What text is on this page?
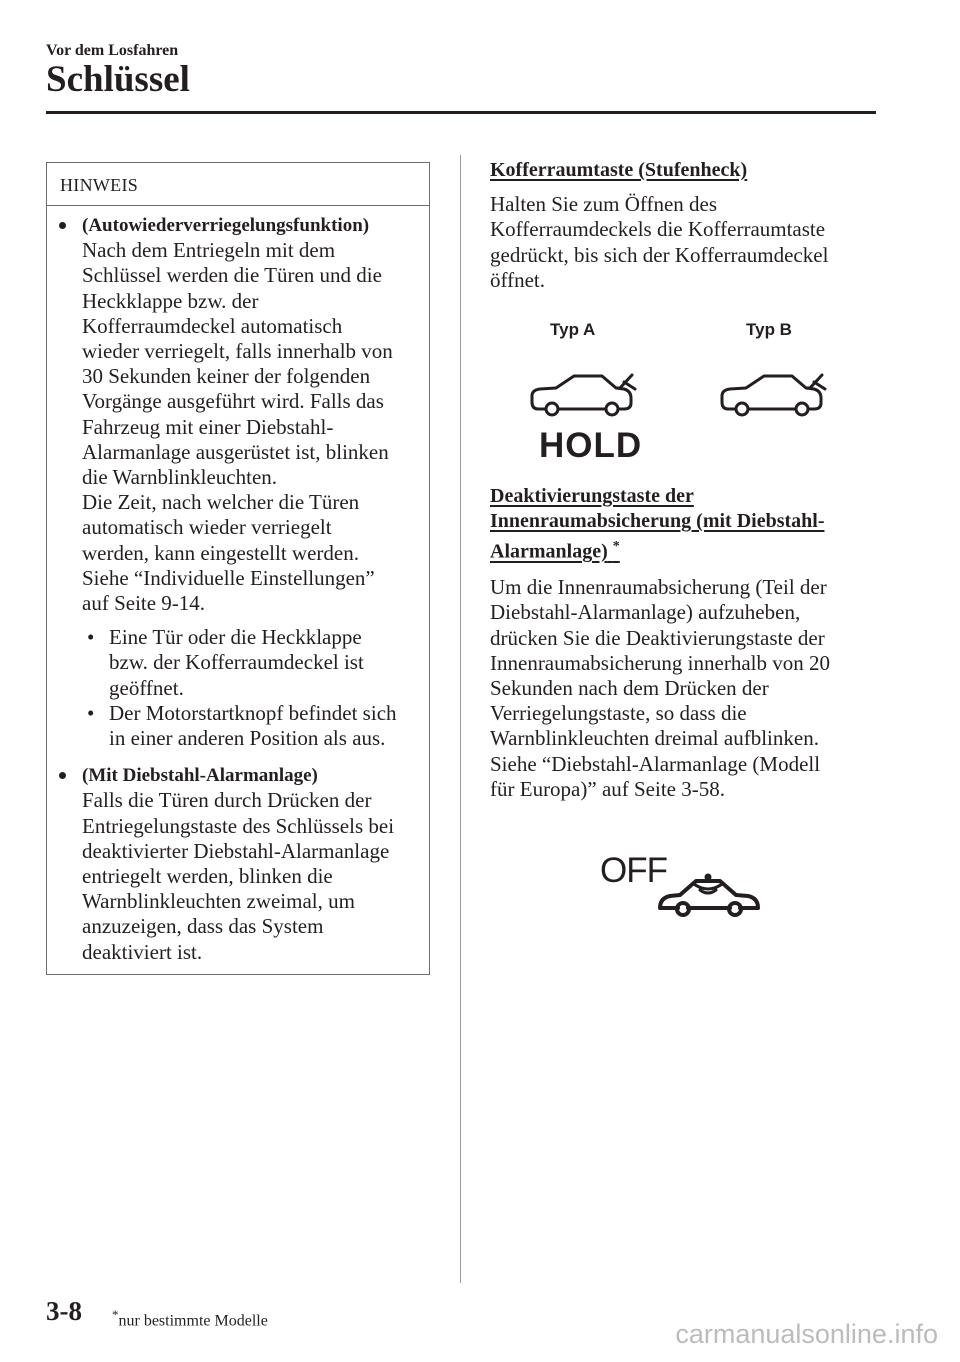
Vor dem Losfahren
Schlüssel
HINWEIS
(Autowiederverriegelungsfunktion)
Nach dem Entriegeln mit dem
Schlüssel werden die Türen und die
Heckklappe bzw. der
Kofferraumdeckel automatisch
wieder verriegelt, falls innerhalb von
30 Sekunden keiner der folgenden
Vorgänge ausgeführt wird. Falls das
Fahrzeug mit einer Diebstahl-
Alarmanlage ausgerüstet ist, blinken
die Warnblinkleuchten.
Die Zeit, nach welcher die Türen
automatisch wieder verriegelt
werden, kann eingestellt werden.
Siehe “Individuelle Einstellungen”
auf Seite 9-14.
• Eine Tür oder die Heckklappe
bzw. der Kofferraumdeckel ist
geöffnet.
• Der Motorstartknopf befindet sich
in einer anderen Position als aus.
(Mit Diebstahl-Alarmanlage)
Falls die Türen durch Drücken der
Entriegelungstaste des Schlüssels bei
deaktivierter Diebstahl-Alarmanlage
entriegelt werden, blinken die
Warnblinkleuchten zweimal, um
anzuzeigen, dass das System
deaktiviert ist.
Kofferraumtaste (Stufenheck)
Halten Sie zum Öffnen des
Kofferraumdeckels die Kofferraumtaste
gedrückt, bis sich der Kofferraumdeckel
öffnet.
Typ A	Typ B
HOLD
Deaktivierungstaste der
Innenraumabsicherung (mit Diebstahl-
Alarmanlage) *
Um die Innenraumabsicherung (Teil der
Diebstahl-Alarmanlage) aufzuheben,
drücken Sie die Deaktivierungstaste der
Innenraumabsicherung innerhalb von 20
Sekunden nach dem Drücken der
Verriegelungstaste, so dass die
Warnblinkleuchten dreimal aufblinken.
Siehe “Diebstahl-Alarmanlage (Modell
für Europa)” auf Seite 3-58.
OFF
3-8 *nur bestimmte Modelle	carmanualsonline.info
